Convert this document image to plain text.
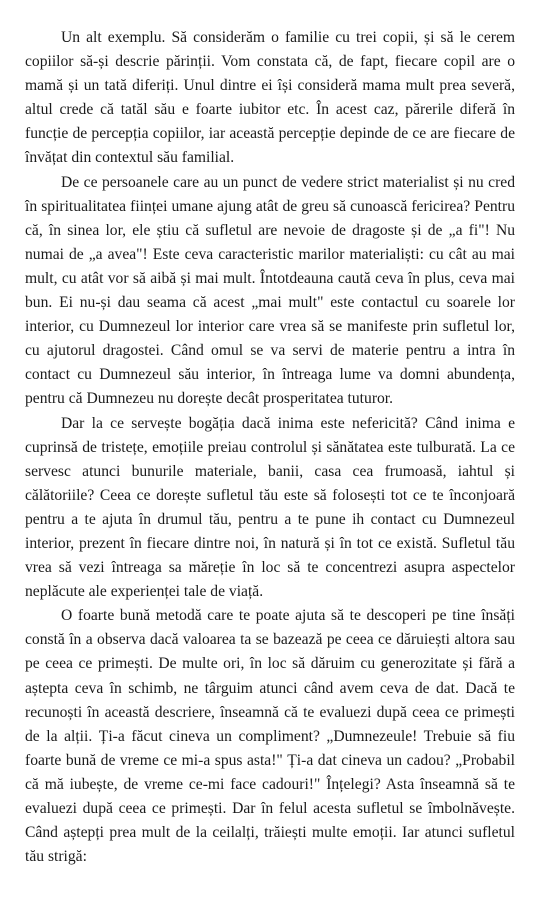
Un alt exemplu. Să considerăm o familie cu trei copii, și să le cerem copiilor să-și descrie părinții. Vom constata că, de fapt, fiecare copil are o mamă și un tată diferiți. Unul dintre ei își consideră mama mult prea severă, altul crede că tatăl său e foarte iubitor etc. În acest caz, părerile diferă în funcție de percepția copiilor, iar această percepție depinde de ce are fiecare de învățat din contextul său familial.

De ce persoanele care au un punct de vedere strict materialist și nu cred în spiritualitatea ființei umane ajung atât de greu să cunoască fericirea? Pentru că, în sinea lor, ele știu că sufletul are nevoie de dragoste și de „a fi"! Nu numai de „a avea"! Este ceva caracteristic marilor materialiști: cu cât au mai mult, cu atât vor să aibă și mai mult. Întotdeauna caută ceva în plus, ceva mai bun. Ei nu-și dau seama că acest „mai mult" este contactul cu soarele lor interior, cu Dumnezeul lor interior care vrea să se manifeste prin sufletul lor, cu ajutorul dragostei. Când omul se va servi de materie pentru a intra în contact cu Dumnezeul său interior, în întreaga lume va domni abundența, pentru că Dumnezeu nu dorește decât prosperitatea tuturor.

Dar la ce servește bogăția dacă inima este nefericită? Când inima e cuprinsă de tristețe, emoțiile preiau controlul și sănătatea este tulburată. La ce servesc atunci bunurile materiale, banii, casa cea frumoasă, iahtul și călătoriile? Ceea ce dorește sufletul tău este să folosești tot ce te înconjoară pentru a te ajuta în drumul tău, pentru a te pune ih contact cu Dumnezeul interior, prezent în fiecare dintre noi, în natură și în tot ce există. Sufletul tău vrea să vezi întreaga sa măreție în loc să te concentrezi asupra aspectelor neplăcute ale experienței tale de viață.

O foarte bună metodă care te poate ajuta să te descoperi pe tine însăți constă în a observa dacă valoarea ta se bazează pe ceea ce dăruiești altora sau pe ceea ce primești. De multe ori, în loc să dăruim cu generozitate și fără a aștepta ceva în schimb, ne târguim atunci când avem ceva de dat. Dacă te recunoști în această descriere, înseamnă că te evaluezi după ceea ce primești de la alții. Ți-a făcut cineva un compliment? „Dumnezeule! Trebuie să fiu foarte bună de vreme ce mi-a spus asta!" Ți-a dat cineva un cadou? „Probabil că mă iubește, de vreme ce-mi face cadouri!" Înțelegi? Asta înseamnă să te evaluezi după ceea ce primești. Dar în felul acesta sufletul se îmbolnăvește. Când aștepți prea mult de la ceilalți, trăiești multe emoții. Iar atunci sufletul tău strigă:
